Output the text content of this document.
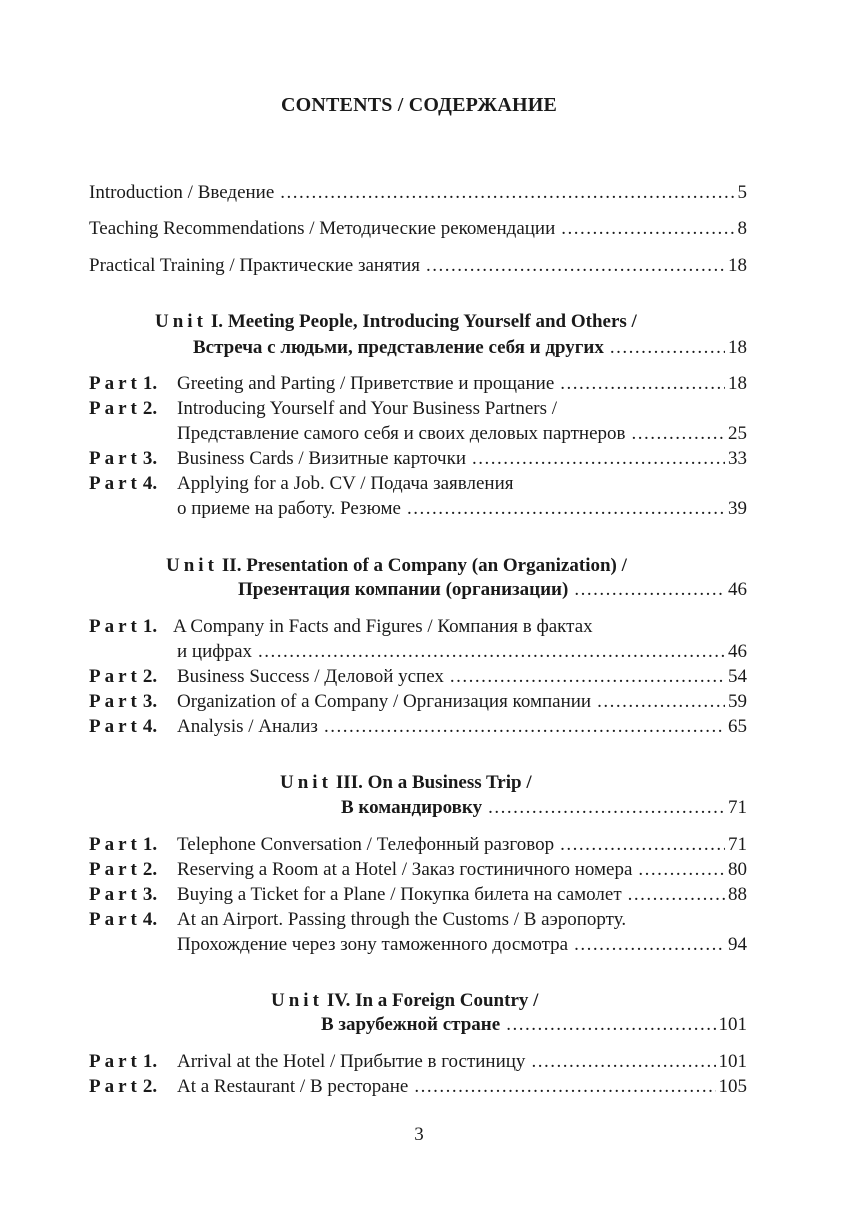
CONTENTS / СОДЕРЖАНИЕ
Introduction / Введение .....	5
Teaching Recommendations / Методические рекомендации .....	8
Practical Training / Практические занятия .....	18
Unit I. Meeting People, Introducing Yourself and Others /
Встреча с людьми, представление себя и других .....	18
Part 1. Greeting and Parting / Приветствие и прощание .....	18
Part 2. Introducing Yourself and Your Business Partners /
Представление самого себя и своих деловых партнеров .....	25
Part 3. Business Cards / Визитные карточки .....	33
Part 4. Applying for a Job. CV / Подача заявления
о приеме на работу. Резюме .....	39
Unit II. Presentation of a Company (an Organization) /
Презентация компании (организации) .....	46
Part 1. A Company in Facts and Figures / Компания в фактах
и цифрах .....	46
Part 2. Business Success / Деловой успех .....	54
Part 3. Organization of a Company / Организация компании .....	59
Part 4. Analysis / Анализ .....	65
Unit III. On a Business Trip /
В командировку .....	71
Part 1. Telephone Conversation / Телефонный разговор .....	71
Part 2. Reserving a Room at a Hotel / Заказ гостиничного номера .....	80
Part 3. Buying a Ticket for a Plane / Покупка билета на самолет .....	88
Part 4. At an Airport. Passing through the Customs / В аэропорту.
Прохождение через зону таможенного досмотра .....	94
Unit IV. In a Foreign Country /
В зарубежной стране .....	101
Part 1. Arrival at the Hotel / Прибытие в гостиницу .....	101
Part 2. At a Restaurant / В ресторане .....	105
3
